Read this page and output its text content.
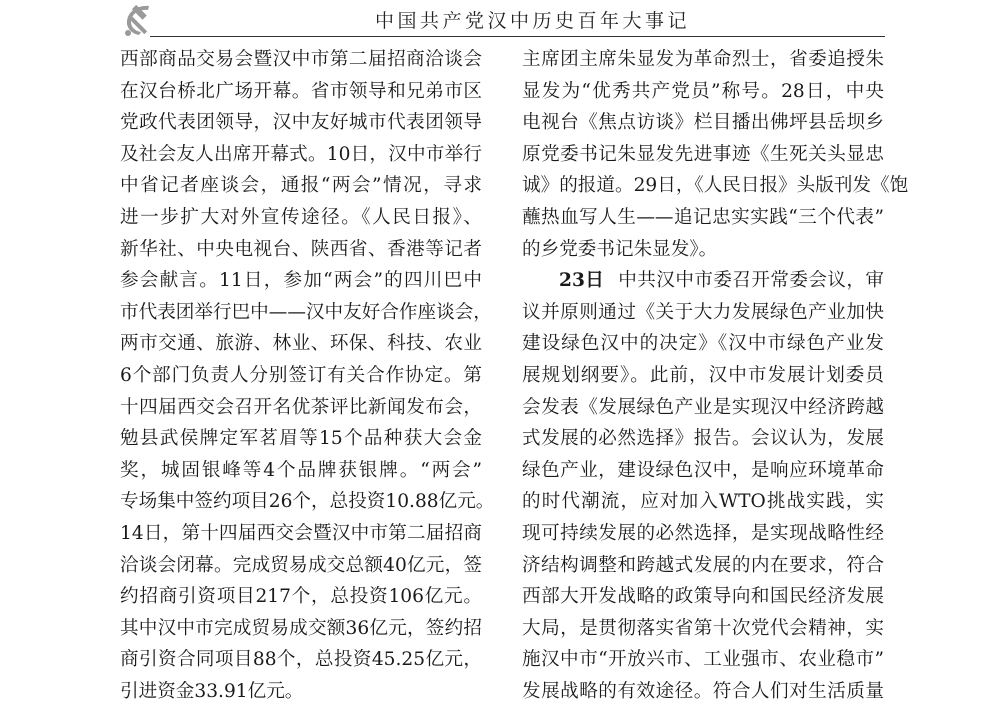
中国共产党汉中历史百年大事记
西部商品交易会暨汉中市第二届招商洽谈会
在汉台桥北广场开幕。省市领导和兄弟市区
党政代表团领导，汉中友好城市代表团领导
及社会友人出席开幕式。10日，汉中市举行
中省记者座谈会，通报“两会”情况，寻求
进一步扩大对外宣传途径。《人民日报》、
新华社、中央电视台、陕西省、香港等记者
参会献言。11日，参加“两会”的四川巴中
市代表团举行巴中——汉中友好合作座谈会，
两市交通、旅游、林业、环保、科技、农业
6个部门负责人分别签订有关合作协定。第
十四届西交会召开名优茶评比新闻发布会，
勉县武侯牌定军茗眉等15个品种获大会金
奖，城固银峰等4个品牌获银牌。“两会”
专场集中签约项目26个，总投资10.88亿元。
14日，第十四届西交会暨汉中市第二届招商
洽谈会闭幕。完成贸易成交总额40亿元，签
约招商引资项目217个，总投资106亿元。
其中汉中市完成贸易成交额36亿元，签约招
商引资合同项目88个，总投资45.25亿元，
引进资金33.91亿元。
主席团主席朱显发为革命烈士，省委追授朱
显发为“优秀共产党员”称号。28日，中央
电视台《焦点访谈》栏目播出佛坪县岳坝乡
原党委书记朱显发先进事迹《生死关头显忠
诚》的报道。29日，《人民日报》头版刊发《饱
蘸热血写人生——追记忠实实践“三个代表”
的乡党委书记朱显发》。
23日 中共汉中市委召开常委会议，审
议并原则通过《关于大力发展绿色产业加快
建设绿色汉中的决定》《汉中市绿色产业发
展规划纲要》。此前，汉中市发展计划委员
会发表《发展绿色产业是实现汉中经济跨越
式发展的必然选择》报告。会议认为，发展
绿色产业，建设绿色汉中，是响应环境革命
的时代潮流，应对加入WTO挑战实践，实
现可持续发展的必然选择，是实现战略性经
济结构调整和跨越式发展的内在要求，符合
西部大开发战略的政策导向和国民经济发展
大局，是贯彻落实省第十次党代会精神，实
施汉中市“开放兴市、工业强市、农业稳市”
发展战略的有效途径。符合人们对生活质量
